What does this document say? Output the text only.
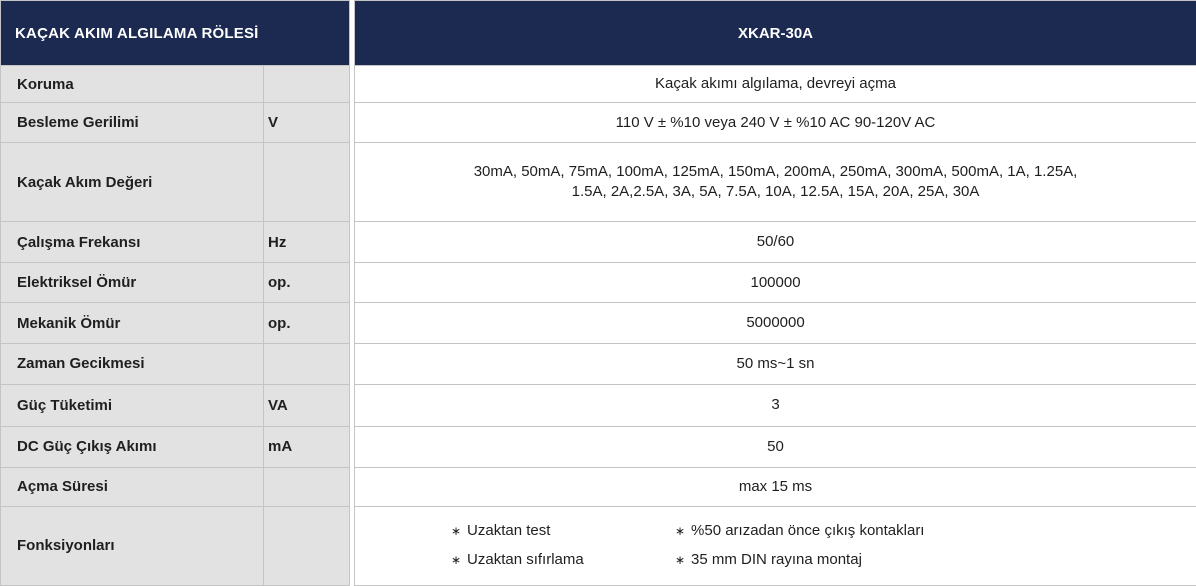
KAÇAK AKIM ALGILAMA RÖLESİ			XKAR-30A
Koruma			Kaçak akımı algılama, devreyi açma
Besleme Gerilimi	V		110 V ± %10 veya 240 V ± %10 AC 90-120V AC
Kaçak Akım Değeri			30mA, 50mA, 75mA, 100mA, 125mA, 150mA, 200mA, 250mA, 300mA, 500mA, 1A, 1.25A,
1.5A, 2A,2.5A, 3A, 5A, 7.5A, 10A, 12.5A, 15A, 20A, 25A, 30A

Çalışma Frekansı	Hz		50/60
Elektriksel Ömür	op.		100000
Mekanik Ömür	op.		5000000
Zaman Gecikmesi			50 ms~1 sn
Güç Tüketimi	VA		3
DC Güç Çıkış Akımı	mA		50
Açma Süresi			max 15 ms
Fonksiyonları			∗ Uzaktan test
∗ Uzaktan sıfırlama
∗ %50 arızadan önce çıkış kontakları
∗ 35 mm DIN rayına montaj
